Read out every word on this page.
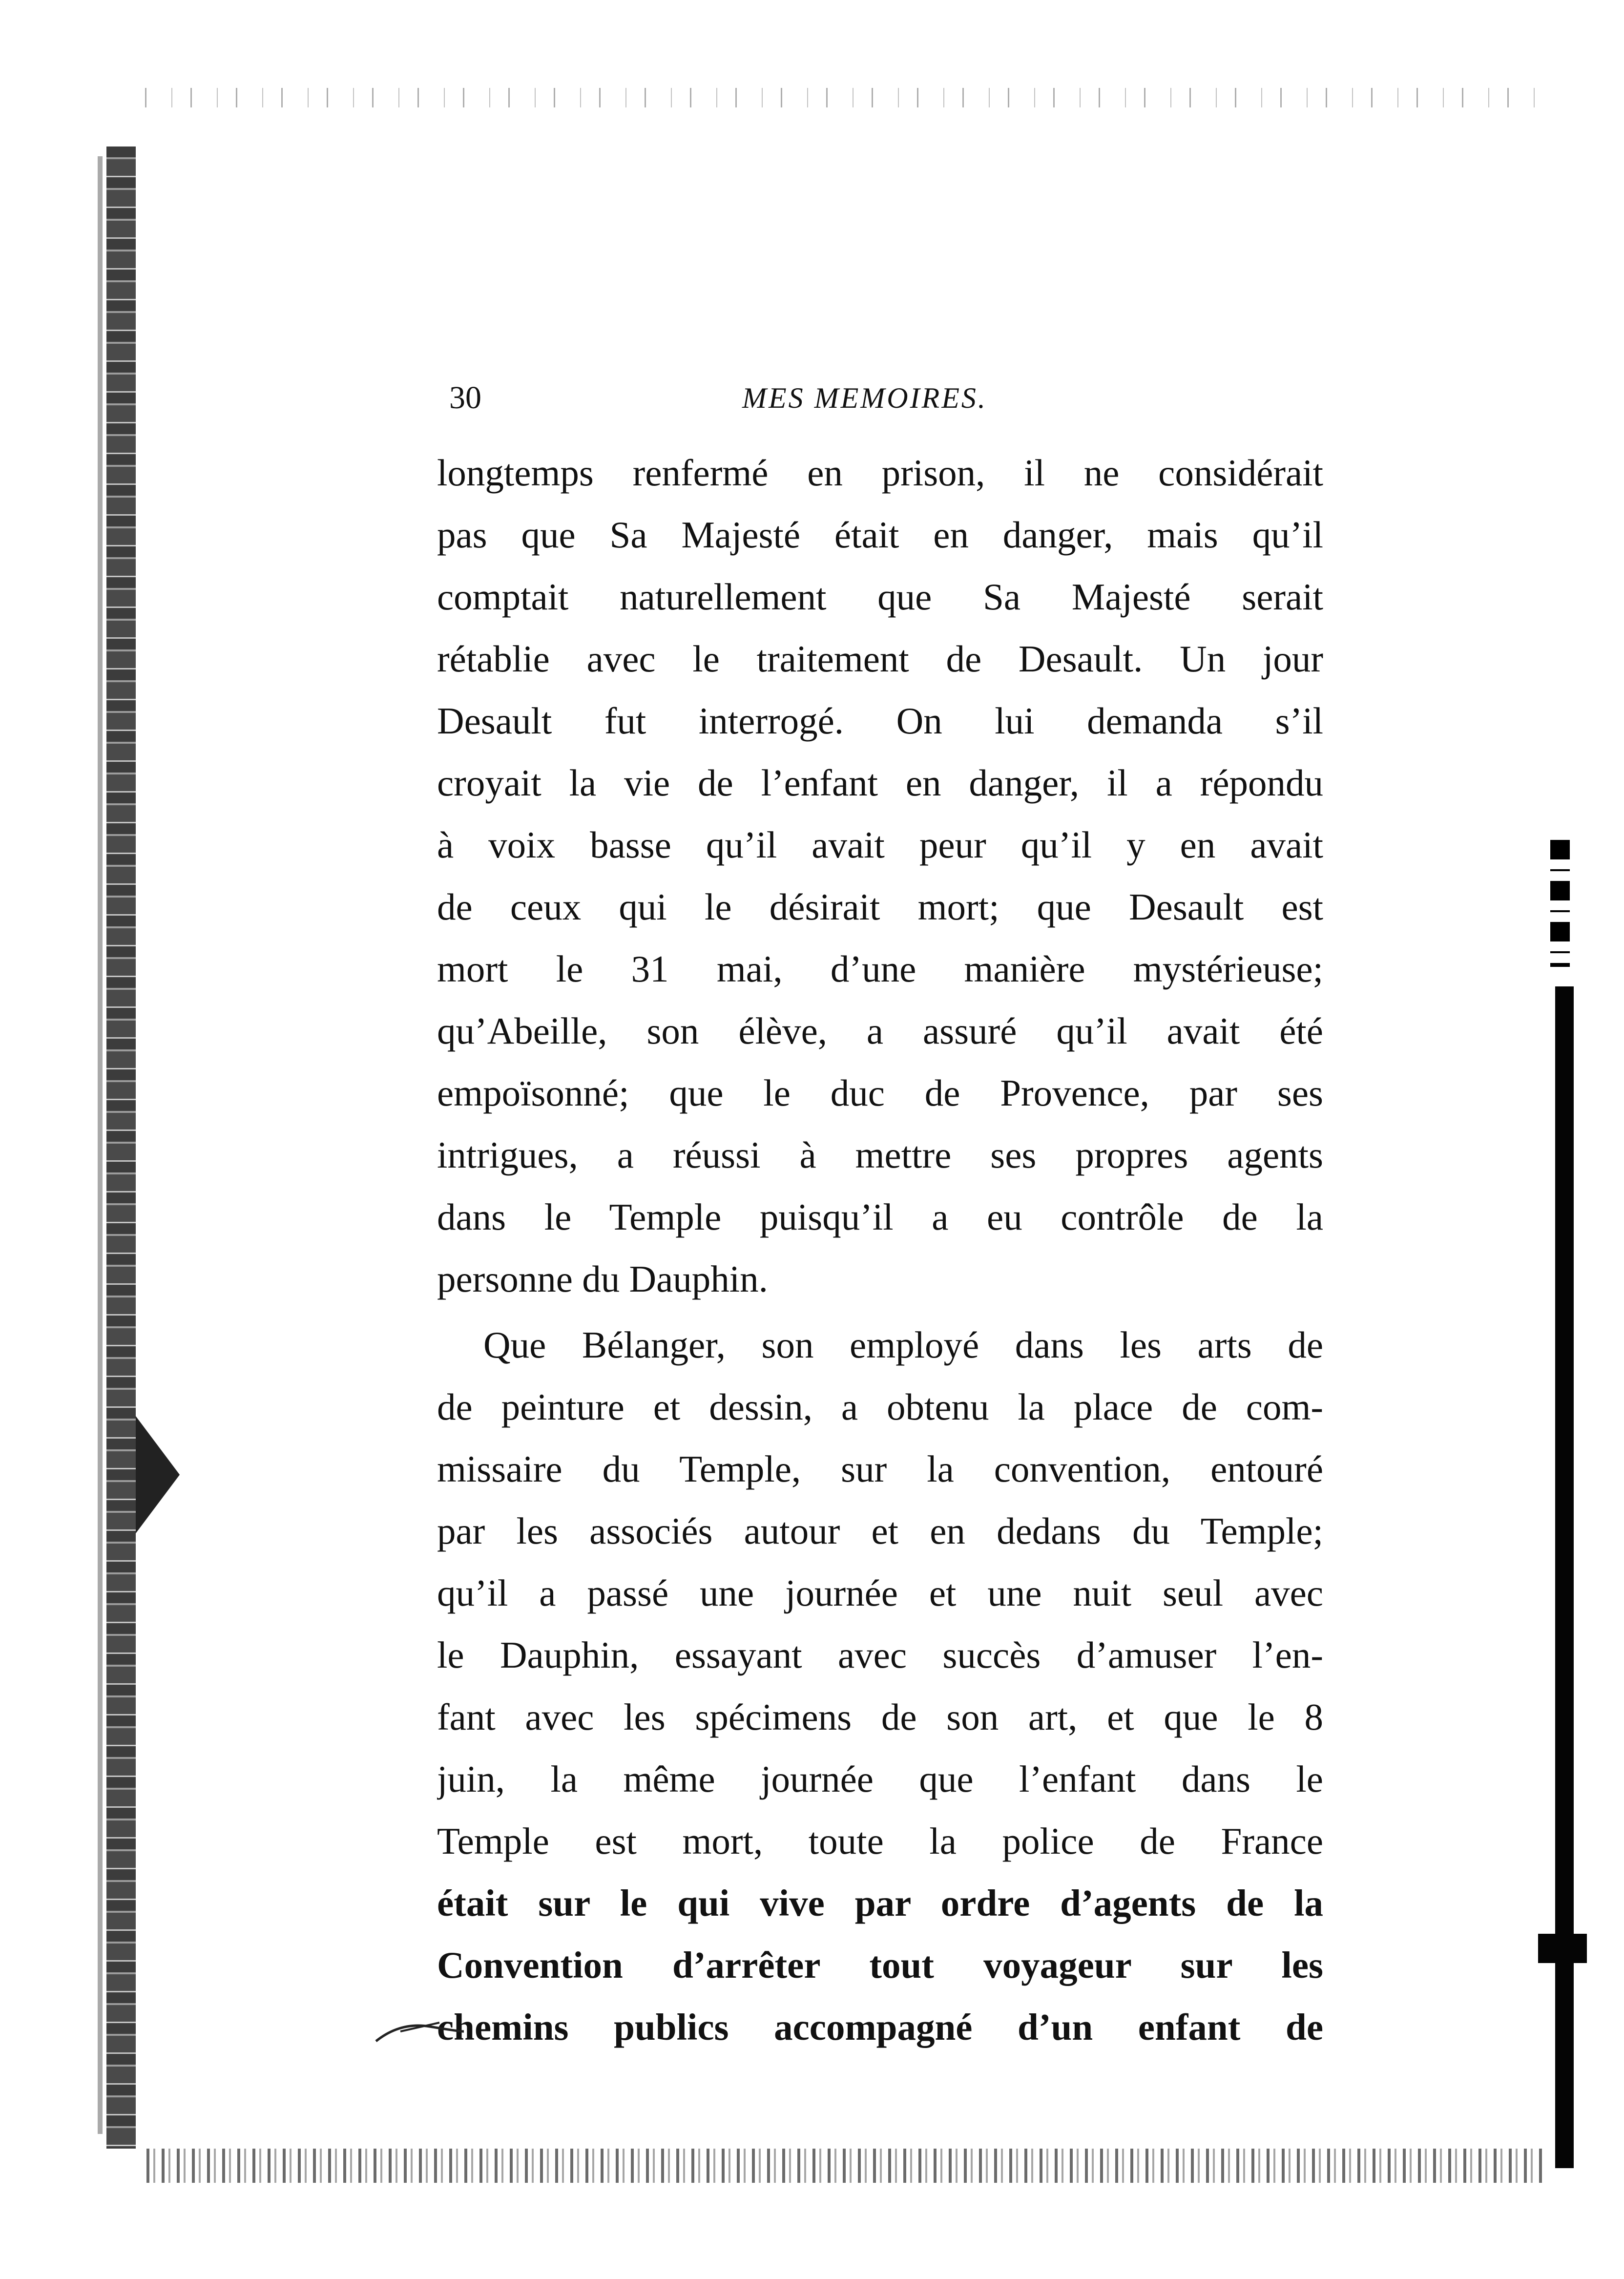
30	MES MEMOIRES.
longtemps renfermé en prison, il ne considérait
pas que Sa Majesté était en danger, mais qu’il
comptait naturellement que Sa Majesté serait
rétablie avec le traitement de Desault. Un jour
Desault fut interrogé. On lui demanda s’il
croyait la vie de l’enfant en danger, il a répondu
à voix basse qu’il avait peur qu’il y en avait
de ceux qui le désirait mort; que Desault est
mort le 31 mai, d’une manière mystérieuse;
qu’Abeille, son élève, a assuré qu’il avait été
empoïsonné; que le duc de Provence, par ses
intrigues, a réussi à mettre ses propres agents
dans le Temple puisqu’il a eu contrôle de la
personne du Dauphin.
Que Bélanger, son employé dans les arts de
de peinture et dessin, a obtenu la place de com-
missaire du Temple, sur la convention, entouré
par les associés autour et en dedans du Temple;
qu’il a passé une journée et une nuit seul avec
le Dauphin, essayant avec succès d’amuser l’en-
fant avec les spécimens de son art, et que le 8
juin, la même journée que l’enfant dans le
Temple est mort, toute la police de France
était sur le qui vive par ordre d’agents de la
Convention d’arrêter tout voyageur sur les
chemins publics accompagné d’un enfant de
